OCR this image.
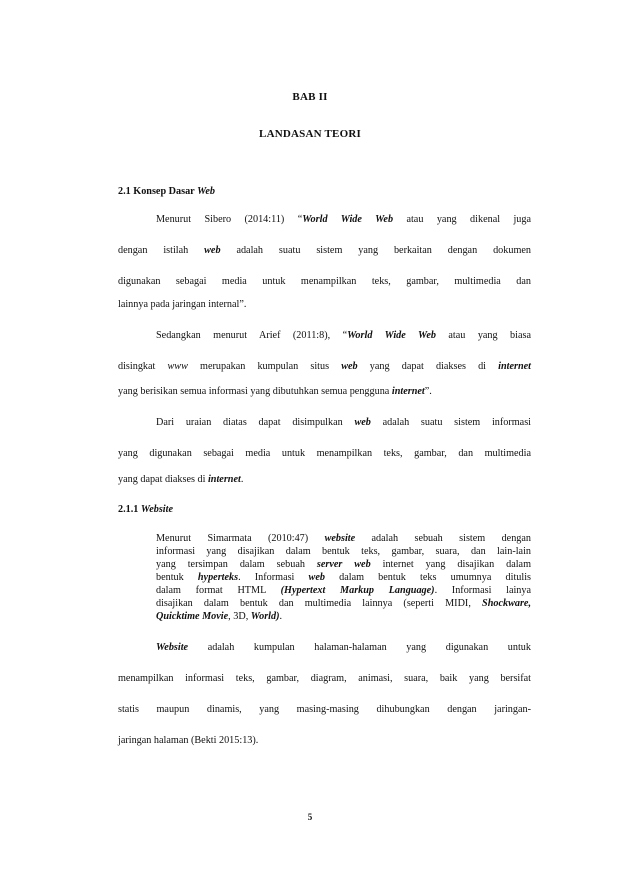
BAB II
LANDASAN TEORI
2.1 Konsep Dasar Web
Menurut Sibero (2014:11) “World Wide Web atau yang dikenal juga
dengan istilah web adalah suatu sistem yang berkaitan dengan dokumen
digunakan sebagai media untuk menampilkan teks, gambar, multimedia dan
lainnya pada jaringan internal”.
Sedangkan menurut Arief (2011:8), “World Wide Web atau yang biasa
disingkat www merupakan kumpulan situs web yang dapat diakses di internet
yang berisikan semua informasi yang dibutuhkan semua pengguna internet”.
Dari uraian diatas dapat disimpulkan web adalah suatu sistem informasi
yang digunakan sebagai media untuk menampilkan teks, gambar, dan multimedia
yang dapat diakses di internet.
2.1.1 Website
Menurut Simarmata (2010:47) website adalah sebuah sistem dengan
informasi yang disajikan dalam bentuk teks, gambar, suara, dan lain-lain
yang tersimpan dalam sebuah server web internet yang disajikan dalam
bentuk hyperteks. Informasi web dalam bentuk teks umumnya ditulis
dalam format HTML (Hypertext Markup Language). Informasi lainya
disajikan dalam bentuk dan multimedia lainnya (seperti MIDI, Shockware,
Quicktime Movie, 3D, World).
Website adalah kumpulan halaman-halaman yang digunakan untuk
menampilkan informasi teks, gambar, diagram, animasi, suara, baik yang bersifat
statis maupun dinamis, yang masing-masing dihubungkan dengan jaringan-
jaringan halaman (Bekti 2015:13).
5
